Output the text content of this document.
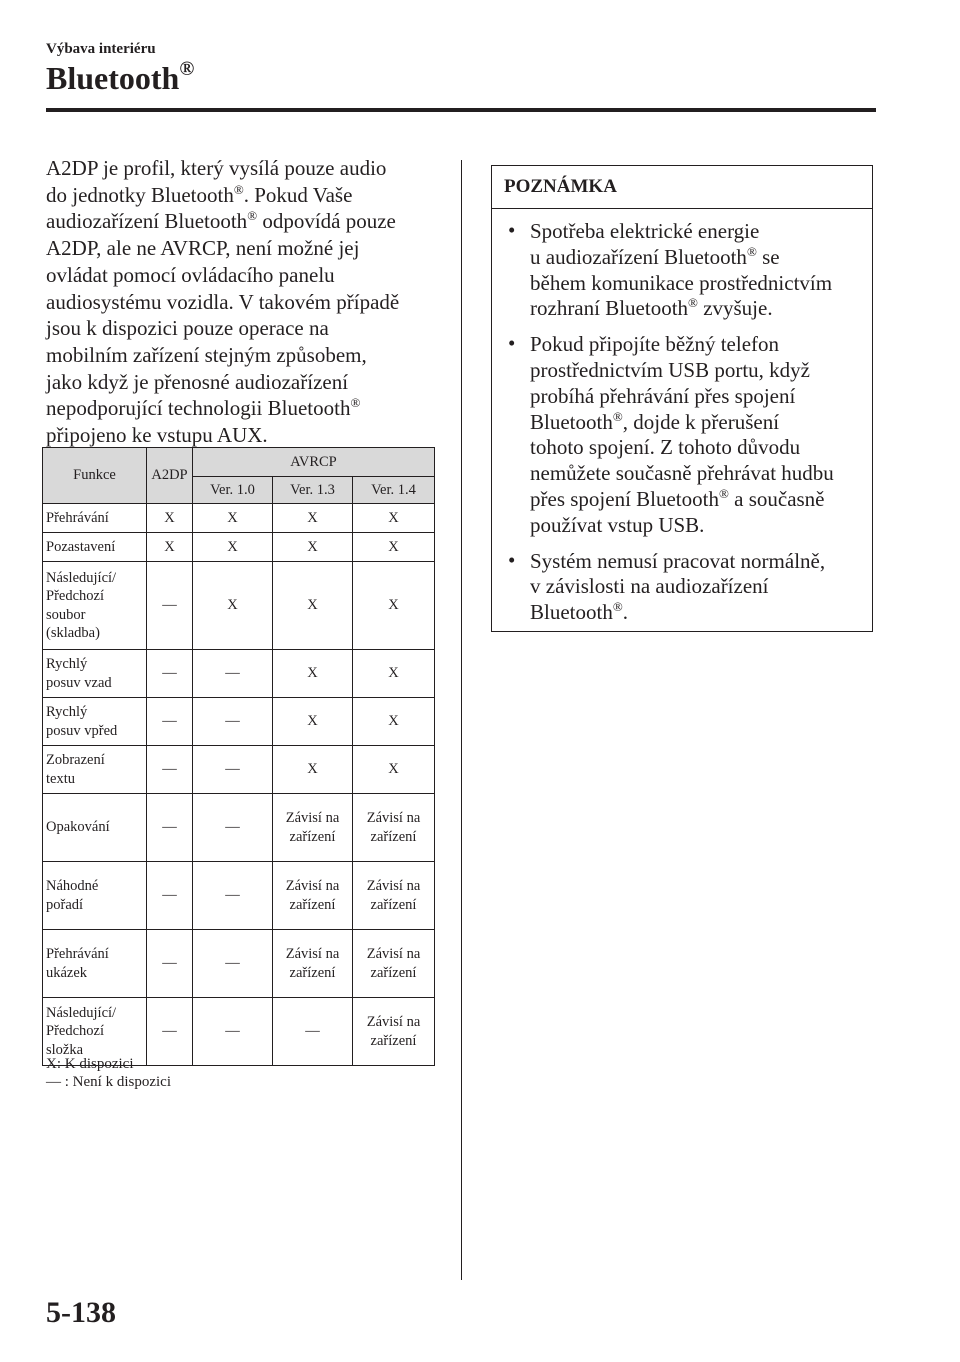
Výbava interiéru
Bluetooth®

A2DP je profil, který vysílá pouze audio
do jednotky Bluetooth®. Pokud Vaše
audiozařízení Bluetooth® odpovídá pouze
A2DP, ale ne AVRCP, není možné jej
ovládat pomocí ovládacího panelu
audiosystému vozidla. V takovém případě
jsou k dispozici pouze operace na
mobilním zařízení stejným způsobem,
jako když je přenosné audiozařízení
nepodporující technologii Bluetooth®
připojeno ke vstupu AUX.

Funkce	A2DP	AVRCP		
		Ver. 1.0	Ver. 1.3	Ver. 1.4

Přehrávání	X	X	X	X

Pozastavení	X	X	X	X

Následující/
Předchozí
soubor
(skladba)	—	X	X	X

Rychlý
posuv vzad	—	—	X	X

Rychlý
posuv vpřed	—	—	X	X

Zobrazení
textu	—	—	X	X

Opakování	—	—	Závisí na zařízení	Závisí na zařízení

Náhodné
pořadí	—	—	Závisí na zařízení	Závisí na zařízení

Přehrávání
ukázek	—	—	Závisí na zařízení	Závisí na zařízení

Následující/
Předchozí
složka	—	—	—	Závisí na zařízení
X: K dispozici
— : Není k dispozici
POZNÁMKA
• Spotřeba elektrické energie
u audiozařízení Bluetooth® se
během komunikace prostřednictvím
rozhraní Bluetooth® zvyšuje.
• Pokud připojíte běžný telefon
prostřednictvím USB portu, když
probíhá přehrávání přes spojení
Bluetooth®, dojde k přerušení
tohoto spojení. Z tohoto důvodu
nemůžete současně přehrávat hudbu
přes spojení Bluetooth® a současně
používat vstup USB.
• Systém nemusí pracovat normálně,
v závislosti na audiozařízení
Bluetooth®.
5-138
